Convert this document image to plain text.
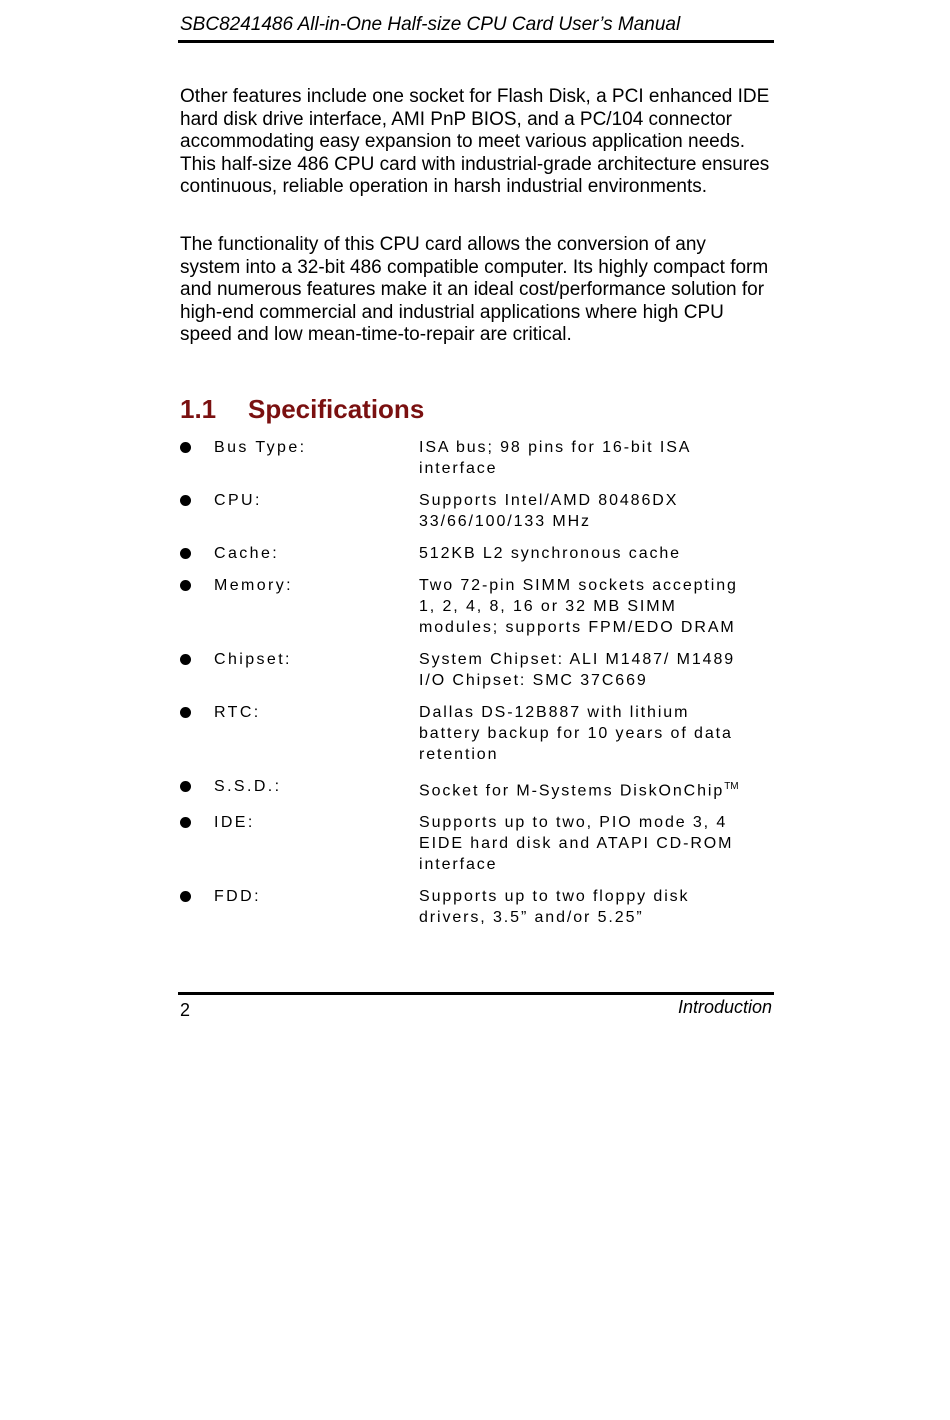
SBC8241486 All-in-One Half-size CPU Card User’s Manual

Other features include one socket for Flash Disk, a PCI enhanced IDE hard disk drive interface, AMI PnP BIOS, and a PC/104 connector accommodating easy expansion to meet various application needs. This half-size 486 CPU card with industrial-grade architecture ensures continuous, reliable operation in harsh industrial environments.

The functionality of this CPU card allows the conversion of any system into a 32-bit 486 compatible computer. Its highly compact form and numerous features make it an ideal cost/performance solution for high-end commercial and industrial applications where high CPU speed and low mean-time-to-repair are critical.

1.1 Specifications
Bus Type:	ISA bus; 98 pins for 16-bit ISA
interface
CPU:	Supports Intel/AMD 80486DX
33/66/100/133 MHz
Cache:	512KB L2 synchronous cache
Memory:	Two 72-pin SIMM sockets accepting
1, 2, 4, 8, 16 or 32 MB SIMM
modules; supports FPM/EDO DRAM
Chipset:	System Chipset: ALI M1487/ M1489
I/O Chipset: SMC 37C669
RTC:	Dallas DS-12B887 with lithium
battery backup for 10 years of data
retention
S.S.D.:	Socket for M-Systems DiskOnChip™
IDE:	Supports up to two, PIO mode 3, 4
EIDE hard disk and ATAPI CD-ROM
interface
FDD:	Supports up to two floppy disk
drivers, 3.5” and/or 5.25”
2	Introduction
